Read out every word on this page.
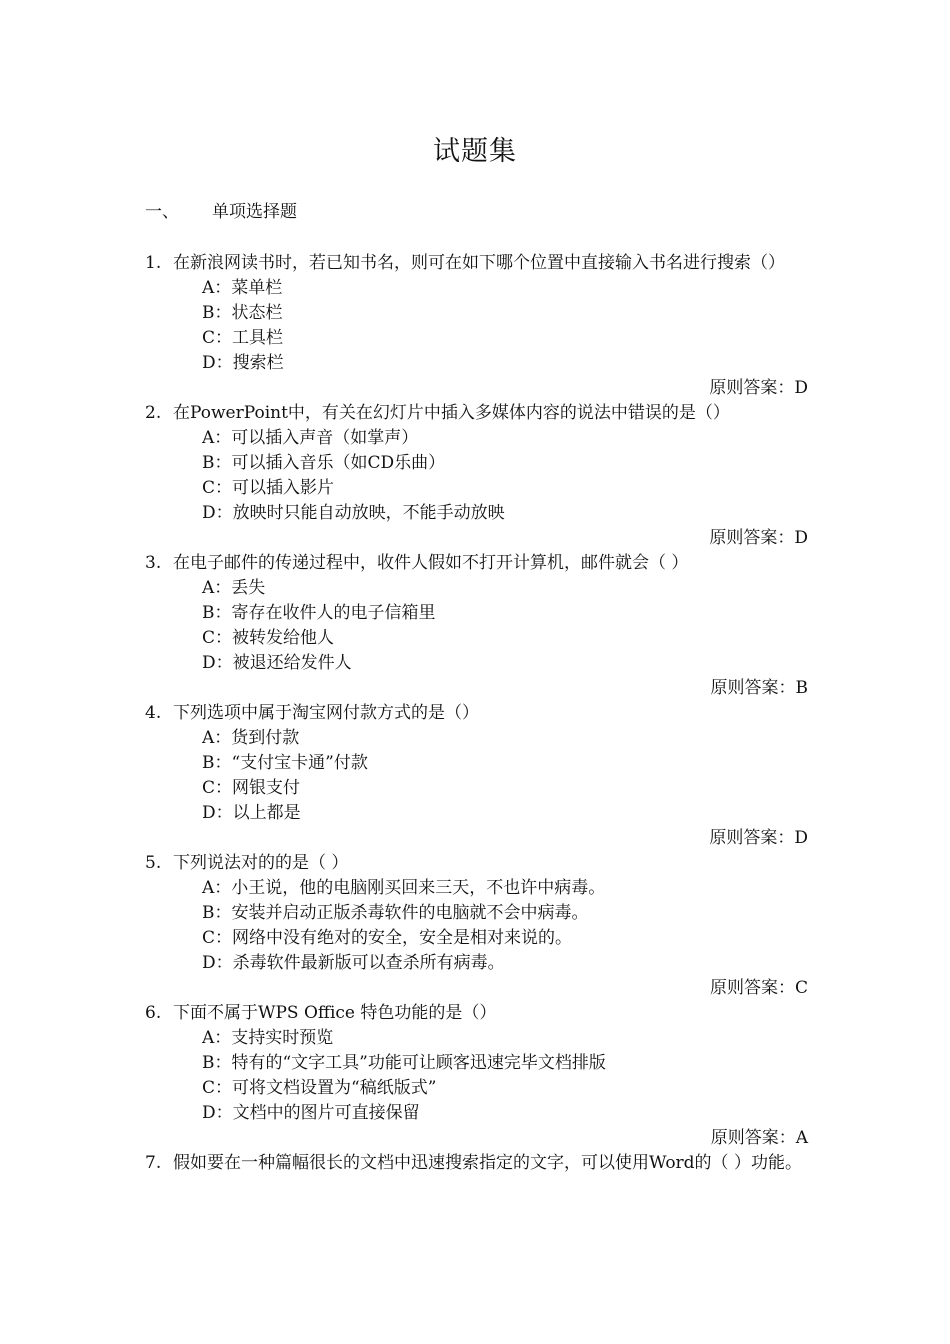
试题集
一、 单项选择题
1. 在新浪网读书时，若已知书名，则可在如下哪个位置中直接输入书名进行搜索（）
A：菜单栏
B：状态栏
C：工具栏
D：搜索栏
原则答案：D
2. 在PowerPoint中，有关在幻灯片中插入多媒体内容的说法中错误的是（）
A：可以插入声音（如掌声）
B：可以插入音乐（如CD乐曲）
C：可以插入影片
D：放映时只能自动放映，不能手动放映
原则答案：D
3. 在电子邮件的传递过程中，收件人假如不打开计算机，邮件就会（ ）
A：丢失
B：寄存在收件人的电子信箱里
C：被转发给他人
D：被退还给发件人
原则答案：B
4. 下列选项中属于淘宝网付款方式的是（）
A：货到付款
B：“支付宝卡通”付款
C：网银支付
D：以上都是
原则答案：D
5. 下列说法对的的是（ ）
A：小王说，他的电脑刚买回来三天，不也许中病毒。
B：安装并启动正版杀毒软件的电脑就不会中病毒。
C：网络中没有绝对的安全，安全是相对来说的。
D：杀毒软件最新版可以查杀所有病毒。
原则答案：C
6. 下面不属于WPS Office 特色功能的是（）
A：支持实时预览
B：特有的“文字工具”功能可让顾客迅速完毕文档排版
C：可将文档设置为“稿纸版式”
D：文档中的图片可直接保留
原则答案：A
7. 假如要在一种篇幅很长的文档中迅速搜索指定的文字，可以使用Word的（ ）功能。
